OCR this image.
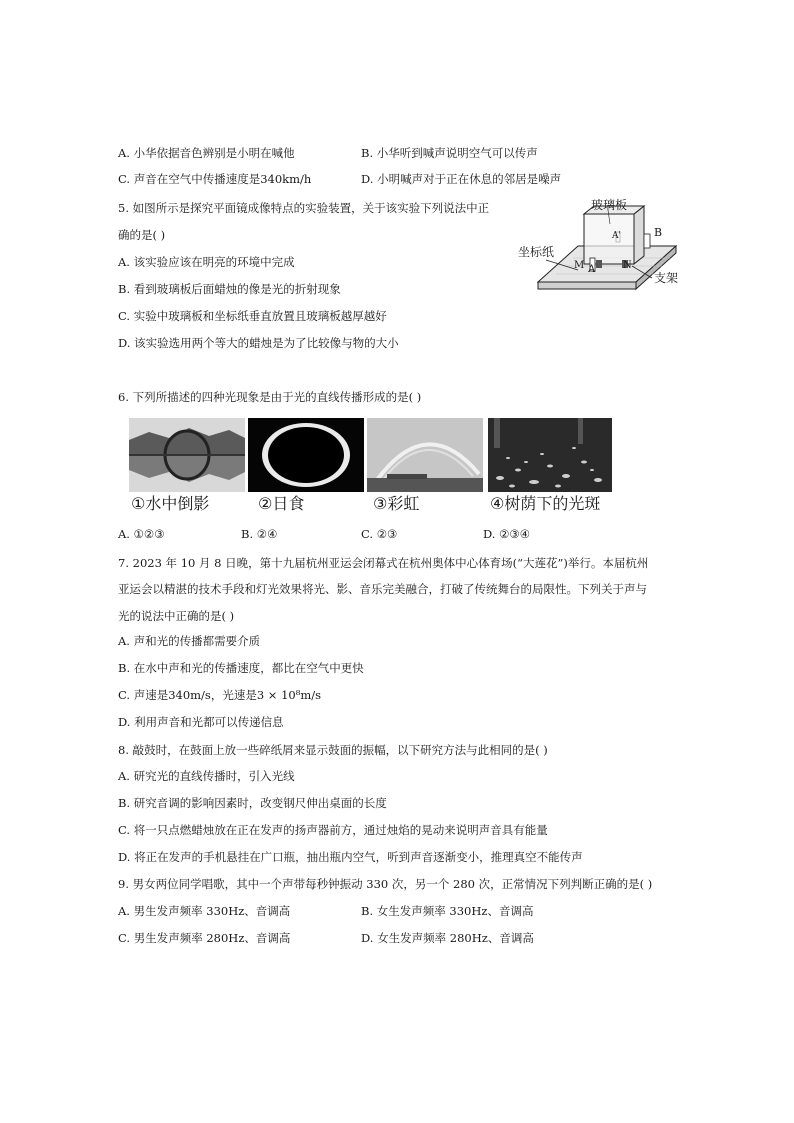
A. 小华依据音色辨别是小明在喊他	B. 小华听到喊声说明空气可以传声
C. 声音在空气中传播速度是340km/h	D. 小明喊声对于正在休息的邻居是噪声
5. 如图所示是探究平面镜成像特点的实验装置，关于该实验下列说法中正
确的是( )
A. 该实验应该在明亮的环境中完成
B. 看到玻璃板后面蜡烛的像是光的折射现象
C. 实验中玻璃板和坐标纸垂直放置且玻璃板越厚越好
D. 该实验选用两个等大的蜡烛是为了比较像与物的大小
玻璃板
坐标纸
支架
A'	B
M A	N
6. 下列所描述的四种光现象是由于光的直线传播形成的是( )
①水中倒影	②日食	③彩虹	④树荫下的光斑
A. ①②③	B. ②④	C. ②③	D. ②③④
7. 2023 年 10 月 8 日晚，第十九届杭州亚运会闭幕式在杭州奥体中心体育场(“大莲花”)举行。本届杭州
亚运会以精湛的技术手段和灯光效果将光、影、音乐完美融合，打破了传统舞台的局限性。下列关于声与
光的说法中正确的是( )
A. 声和光的传播都需要介质
B. 在水中声和光的传播速度，都比在空气中更快
C. 声速是340m/s，光速是3 × 10⁸m/s
D. 利用声音和光都可以传递信息
8. 敲鼓时，在鼓面上放一些碎纸屑来显示鼓面的振幅，以下研究方法与此相同的是( )
A. 研究光的直线传播时，引入光线
B. 研究音调的影响因素时，改变钢尺伸出桌面的长度
C. 将一只点燃蜡烛放在正在发声的扬声器前方，通过烛焰的晃动来说明声音具有能量
D. 将正在发声的手机悬挂在广口瓶，抽出瓶内空气，听到声音逐渐变小，推理真空不能传声
9. 男女两位同学唱歌，其中一个声带每秒钟振动 330 次，另一个 280 次，正常情况下列判断正确的是( )
A. 男生发声频率 330Hz、音调高	B. 女生发声频率 330Hz、音调高
C. 男生发声频率 280Hz、音调高	D. 女生发声频率 280Hz、音调高
